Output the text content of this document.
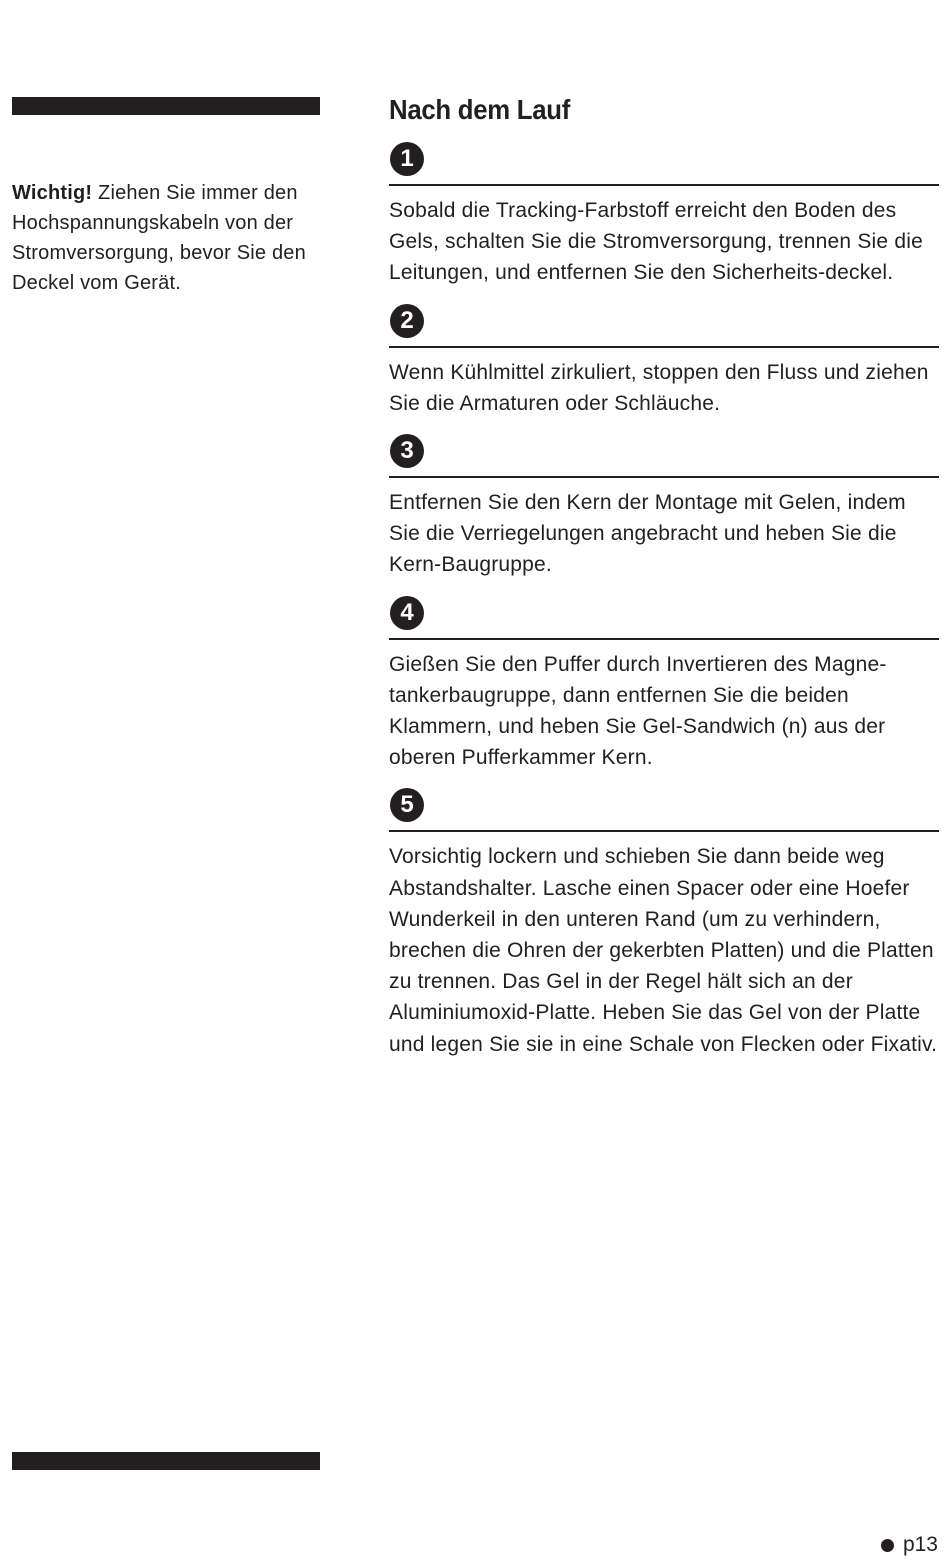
Wichtig! Ziehen Sie immer den Hochspannungskabeln von der Stromversorgung, bevor Sie den Deckel vom Gerät.
Nach dem Lauf
1

Sobald die Tracking-Farbstoff erreicht den Boden des Gels, schalten Sie die Stromversorgung, trennen Sie die Leitungen, und entfernen Sie den Sicherheits-deckel.

2

Wenn Kühlmittel zirkuliert, stoppen den Fluss und ziehen Sie die Armaturen oder Schläuche.

3

Entfernen Sie den Kern der Montage mit Gelen, indem Sie die Verriegelungen angebracht und heben Sie die Kern-Baugruppe.

4

Gießen Sie den Puffer durch Invertieren des Magne-tankerbaugruppe, dann entfernen Sie die beiden Klammern, und heben Sie Gel-Sandwich (n) aus der oberen Pufferkammer Kern.

5

Vorsichtig lockern und schieben Sie dann beide weg Abstandshalter. Lasche einen Spacer oder eine Hoefer Wunderkeil in den unteren Rand (um zu verhindern, brechen die Ohren der gekerbten Platten) und die Platten zu trennen. Das Gel in der Regel hält sich an der Aluminiumoxid-Platte. Heben Sie das Gel von der Platte und legen Sie sie in eine Schale von Flecken oder Fixativ.

p13
